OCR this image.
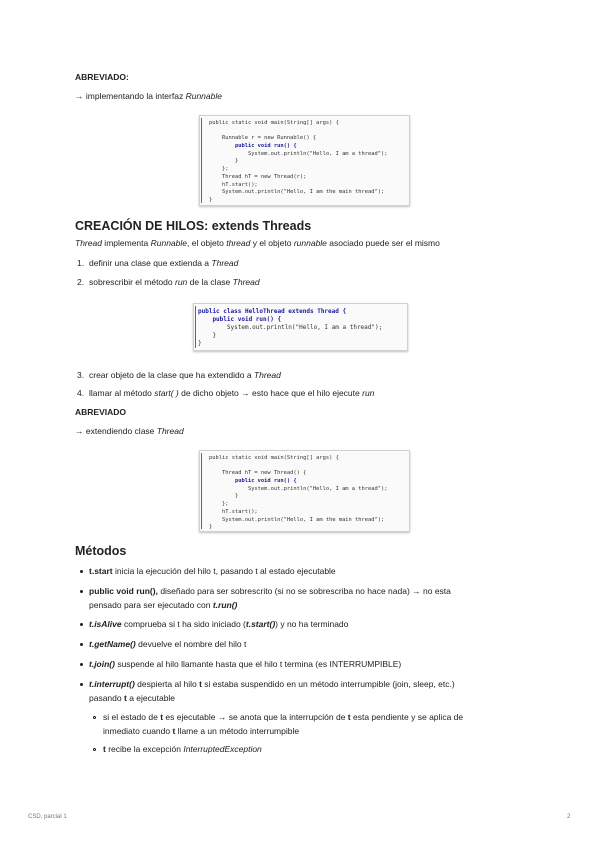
ABREVIADO:
→ implementando la interfaz Runnable
public static void main(String[] args) {
Runnable r = new Runnable() {
public void run() {
System.out.println("Hello, I am a thread");
}
};
Thread hT = new Thread(r);
hT.start();
System.out.println("Hello, I am the main thread");
}
CREACIÓN DE HILOS: extends Threads
Thread implementa Runnable, el objeto thread y el objeto runnable asociado puede ser el mismo
1. definir una clase que extienda a Thread
2. sobrescribir el método run de la clase Thread
public class HelloThread extends Thread {
public void run() {
System.out.println("Hello, I am a thread");
}
}
3. crear objeto de la clase que ha extendido a Thread
4. llamar al método start( ) de dicho objeto → esto hace que el hilo ejecute run
ABREVIADO
→ extendiendo clase Thread
public static void main(String[] args) {
Thread hT = new Thread() {
public void run() {
System.out.println("Hello, I am a thread");
}
};
hT.start();
System.out.println("Hello, I am the main thread");
}
Métodos
t.start inicia la ejecución del hilo t, pasando t al estado ejecutable
public void run(), diseñado para ser sobrescrito (si no se sobrescriba no hace nada) → no esta
pensado para ser ejecutado con t.run()
t.isAlive comprueba si t ha sido iniciado (t.start()) y no ha terminado
t.getName() devuelve el nombre del hilo t
t.join() suspende al hilo llamante hasta que el hilo t termina (es INTERRUMPIBLE)
t.interrupt() despierta al hilo t si estaba suspendido en un método interrumpible (join, sleep, etc.)
pasando t a ejecutable
si el estado de t es ejecutable → se anota que la interrupción de t esta pendiente y se aplica de
inmediato cuando t llame a un método interrumpible
t recibe la excepción InterruptedException
CSD, parcial 1	2
